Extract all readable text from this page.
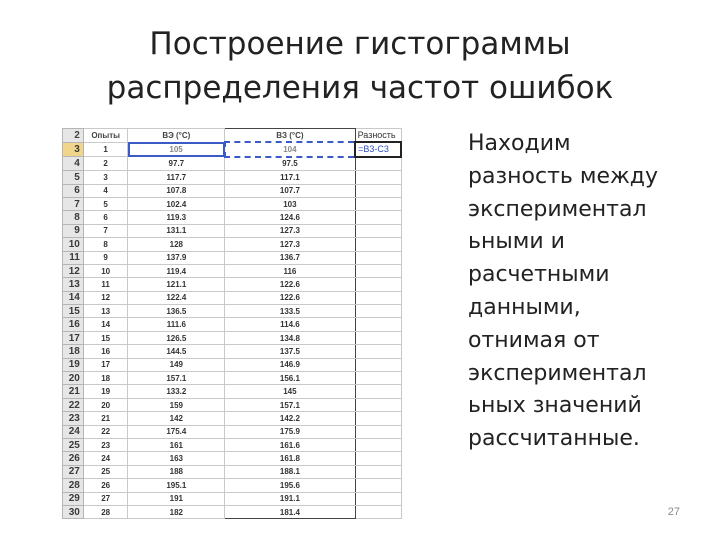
Построение гистограммы
распределения частот ошибок
2	Опыты	ВЭ (°С)	ВЗ (°С)	Разность
3	1	105	104	=В3-С3
4	2	97.7	97.5	
5	3	117.7	117.1	
6	4	107.8	107.7	
7	5	102.4	103	
8	6	119.3	124.6	
9	7	131.1	127.3	
10	8	128	127.3	
11	9	137.9	136.7	
12	10	119.4	116	
13	11	121.1	122.6	
14	12	122.4	122.6	
15	13	136.5	133.5	
16	14	111.6	114.6	
17	15	126.5	134.8	
18	16	144.5	137.5	
19	17	149	146.9	
20	18	157.1	156.1	
21	19	133.2	145	
22	20	159	157.1	
23	21	142	142.2	
24	22	175.4	175.9	
25	23	161	161.6	
26	24	163	161.8	
27	25	188	188.1	
28	26	195.1	195.6	
29	27	191	191.1	
30	28	182	181.4	
Находим
разность между
экспериментал
ьными и
расчетными
данными,
отнимая от
экспериментал
ьных значений
рассчитанные.
27
